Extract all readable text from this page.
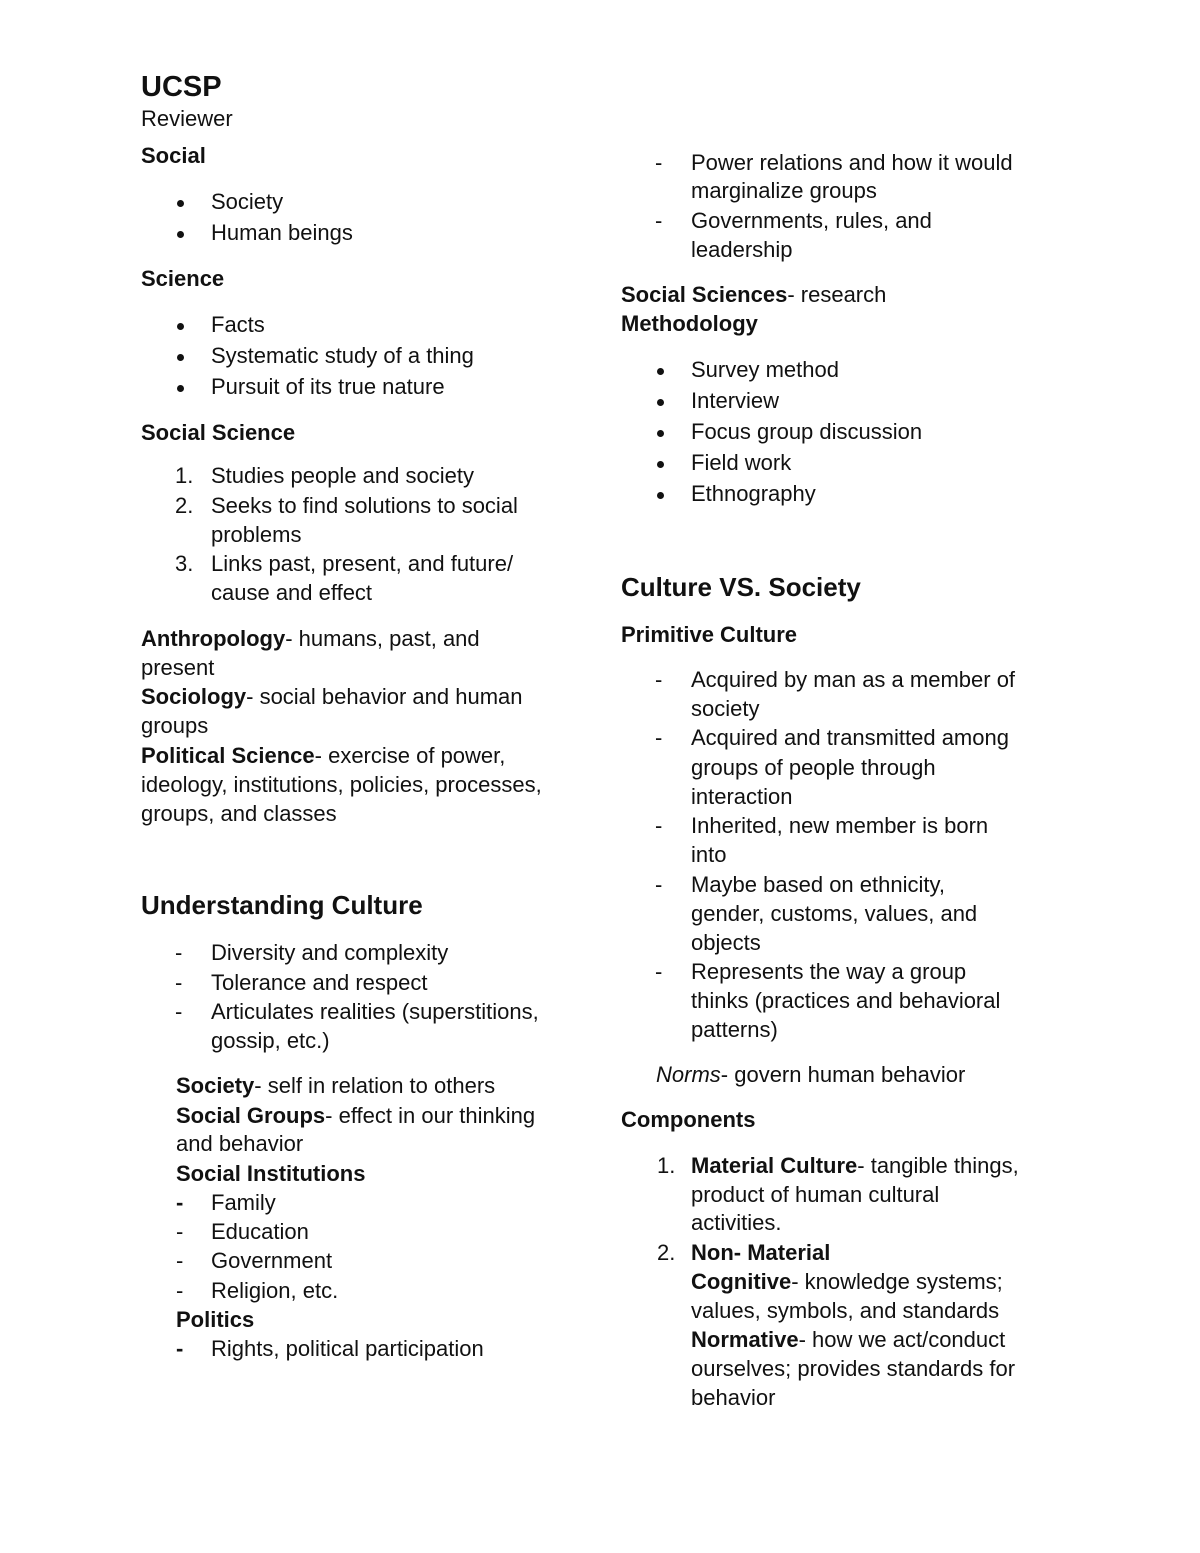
UCSP
Reviewer
Social
Society
Human beings
Science
Facts
Systematic study of a thing
Pursuit of its true nature
Social Science
1. Studies people and society
2. Seeks to find solutions to social
problems
3. Links past, present, and future/
cause and effect
Anthropology- humans, past, and
present
Sociology- social behavior and human
groups
Political Science- exercise of power,
ideology, institutions, policies, processes,
groups, and classes
Understanding Culture
- Diversity and complexity
- Tolerance and respect
- Articulates realities (superstitions,
gossip, etc.)
Society- self in relation to others
Social Groups- effect in our thinking
and behavior
Social Institutions
- Family
- Education
- Government
- Religion, etc.
Politics
- Rights, political participation
- Power relations and how it would
marginalize groups
- Governments, rules, and
leadership
Social Sciences- research
Methodology
Survey method
Interview
Focus group discussion
Field work
Ethnography
Culture VS. Society
Primitive Culture
- Acquired by man as a member of
society
- Acquired and transmitted among
groups of people through
interaction
- Inherited, new member is born
into
- Maybe based on ethnicity,
gender, customs, values, and
objects
- Represents the way a group
thinks (practices and behavioral
patterns)
Norms- govern human behavior
Components
1. Material Culture- tangible things,
product of human cultural
activities.
2. Non- Material
Cognitive- knowledge systems;
values, symbols, and standards
Normative- how we act/conduct
ourselves; provides standards for
behavior
